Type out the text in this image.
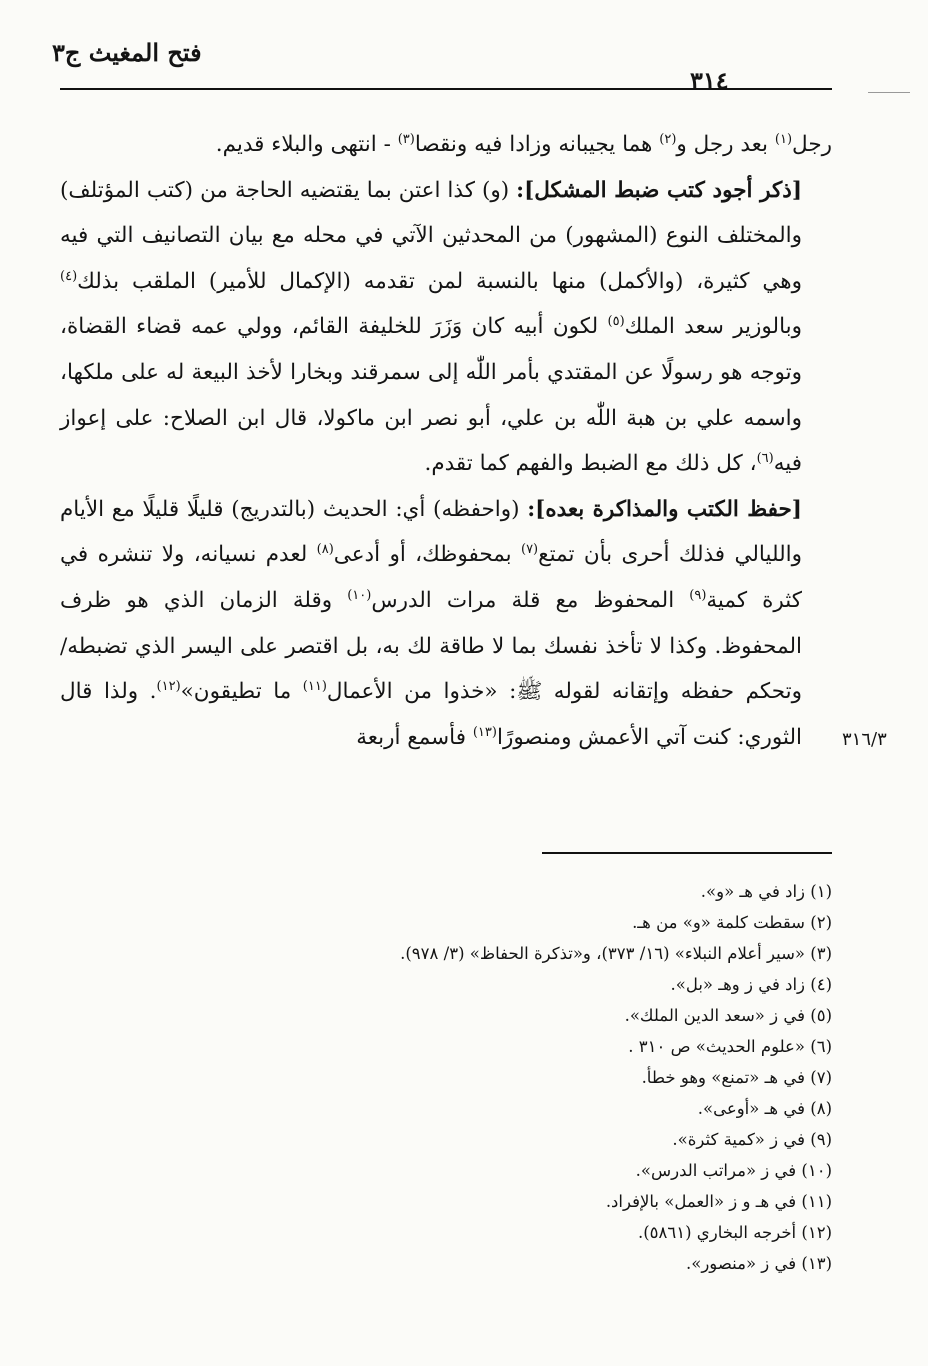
فتح المغيث ج٣
٣١٤
٣١٦/٣

رجل$^{(١)}$ بعد رجل و$^{(٢)}$ هما يجيبانه وزادا فيه ونقصا$^{(٣)}$ - انتهى والبلاء قديم.

[ذكر أجود كتب ضبط المشكل]: (و) كذا اعتن بما يقتضيه الحاجة من (كتب المؤتلف) والمختلف النوع (المشهور) من المحدثين الآتي في محله مع بيان التصانيف التي فيه وهي كثيرة، (والأكمل) منها بالنسبة لمن تقدمه (الإكمال للأمير) الملقب بذلك$^{(٤)}$ وبالوزير سعد الملك$^{(٥)}$ لكون أبيه كان وَزَرَ للخليفة القائم، وولي عمه قضاء القضاة، وتوجه هو رسولًا عن المقتدي بأمر اللّٰه إلى سمرقند وبخارا لأخذ البيعة له على ملكها، واسمه علي بن هبة اللّٰه بن علي، أبو نصر ابن ماكولا، قال ابن الصلاح: على إعواز فيه$^{(٦)}$، كل ذلك مع الضبط والفهم كما تقدم.

[حفظ الكتب والمذاكرة بعده]: (واحفظه) أي: الحديث (بالتدريج) قليلًا قليلًا مع الأيام والليالي فذلك أحرى بأن تمتع$^{(٧)}$ بمحفوظك، أو أدعى$^{(٨)}$ لعدم نسيانه، ولا تنشره في كثرة كمية$^{(٩)}$ المحفوظ مع قلة مرات الدرس$^{(١٠)}$ وقلة الزمان الذي هو ظرف المحفوظ. وكذا لا تأخذ نفسك بما لا طاقة لك به، بل اقتصر على اليسر الذي تضبطه/ وتحكم حفظه وإتقانه لقوله ﷺ: «خذوا من الأعمال$^{(١١)}$ ما تطيقون»$^{(١٢)}$. ولذا قال الثوري: كنت آتي الأعمش ومنصورًا$^{(١٣)}$ فأسمع أربعة

(١) زاد في هـ «و».
(٢) سقطت كلمة «و» من هـ.
(٣) «سير أعلام النبلاء» (١٦/ ٣٧٣)، و«تذكرة الحفاظ» (٣/ ٩٧٨).
(٤) زاد في ز وهـ «بل».
(٥) في ز «سعد الدين الملك».
(٦) «علوم الحديث» ص ٣١٠ .
(٧) في هـ «تمنع» وهو خطأ.
(٨) في هـ «أوعى».
(٩) في ز «كمية كثرة».
(١٠) في ز «مراتب الدرس».
(١١) في هـ و ز «العمل» بالإفراد.
(١٢) أخرجه البخاري (٥٨٦١).
(١٣) في ز «منصور».
